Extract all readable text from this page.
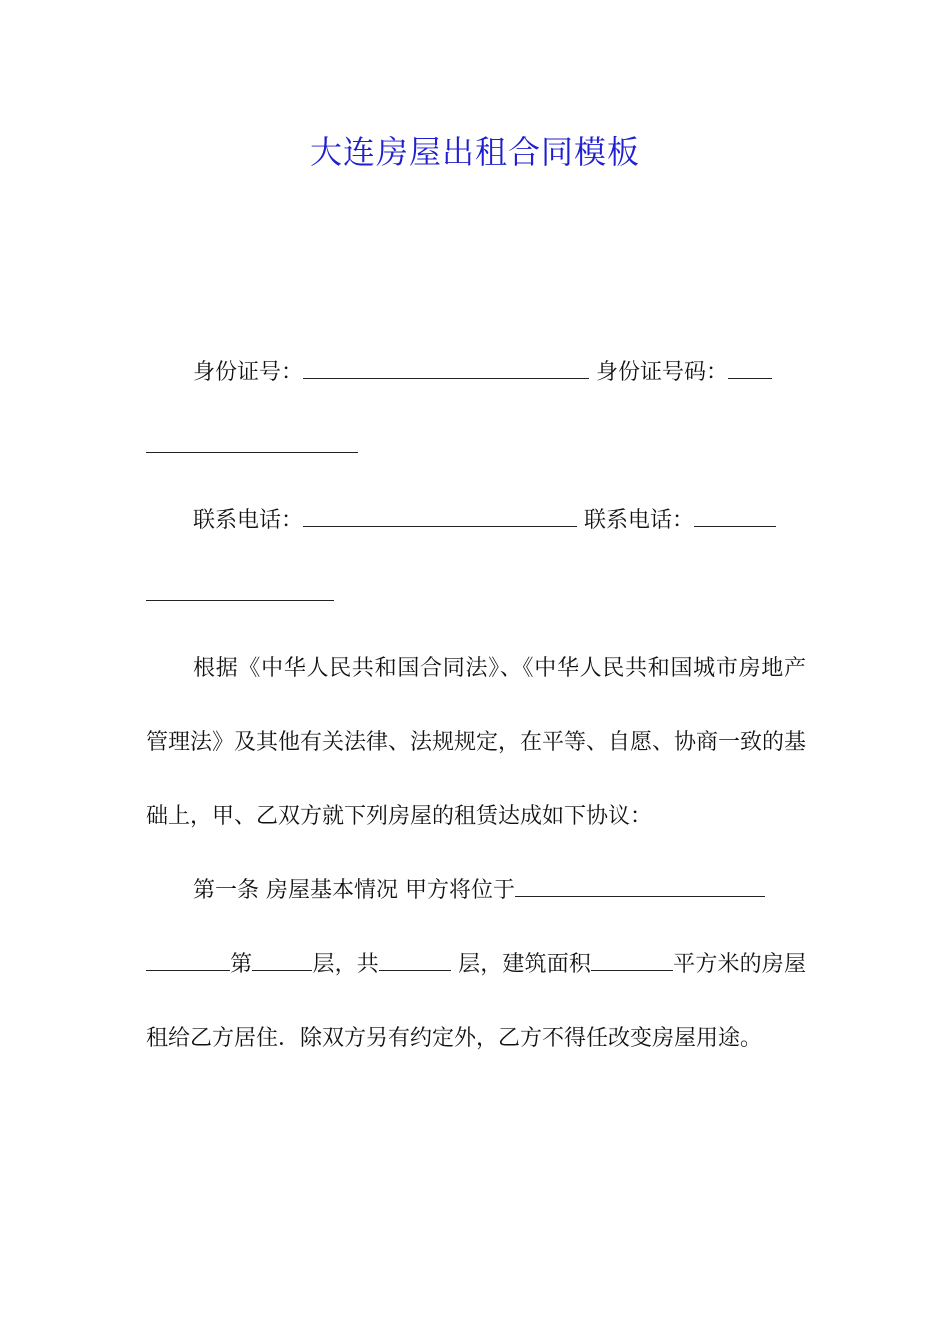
大连房屋出租合同模板

身份证号：	身份证号码：

联系电话：	联系电话：

根据《中华人民共和国合同法》、《中华人民共和国城市房地产管理法》及其他有关法律、法规规定，在平等、自愿、协商一致的基础上，甲、乙双方就下列房屋的租赁达成如下协议：

第一条 房屋基本情况 甲方将位于
第	层，共	层，建筑面积	平方米的房屋租给乙方居住．除双方另有约定外，乙方不得任改变房屋用途。
